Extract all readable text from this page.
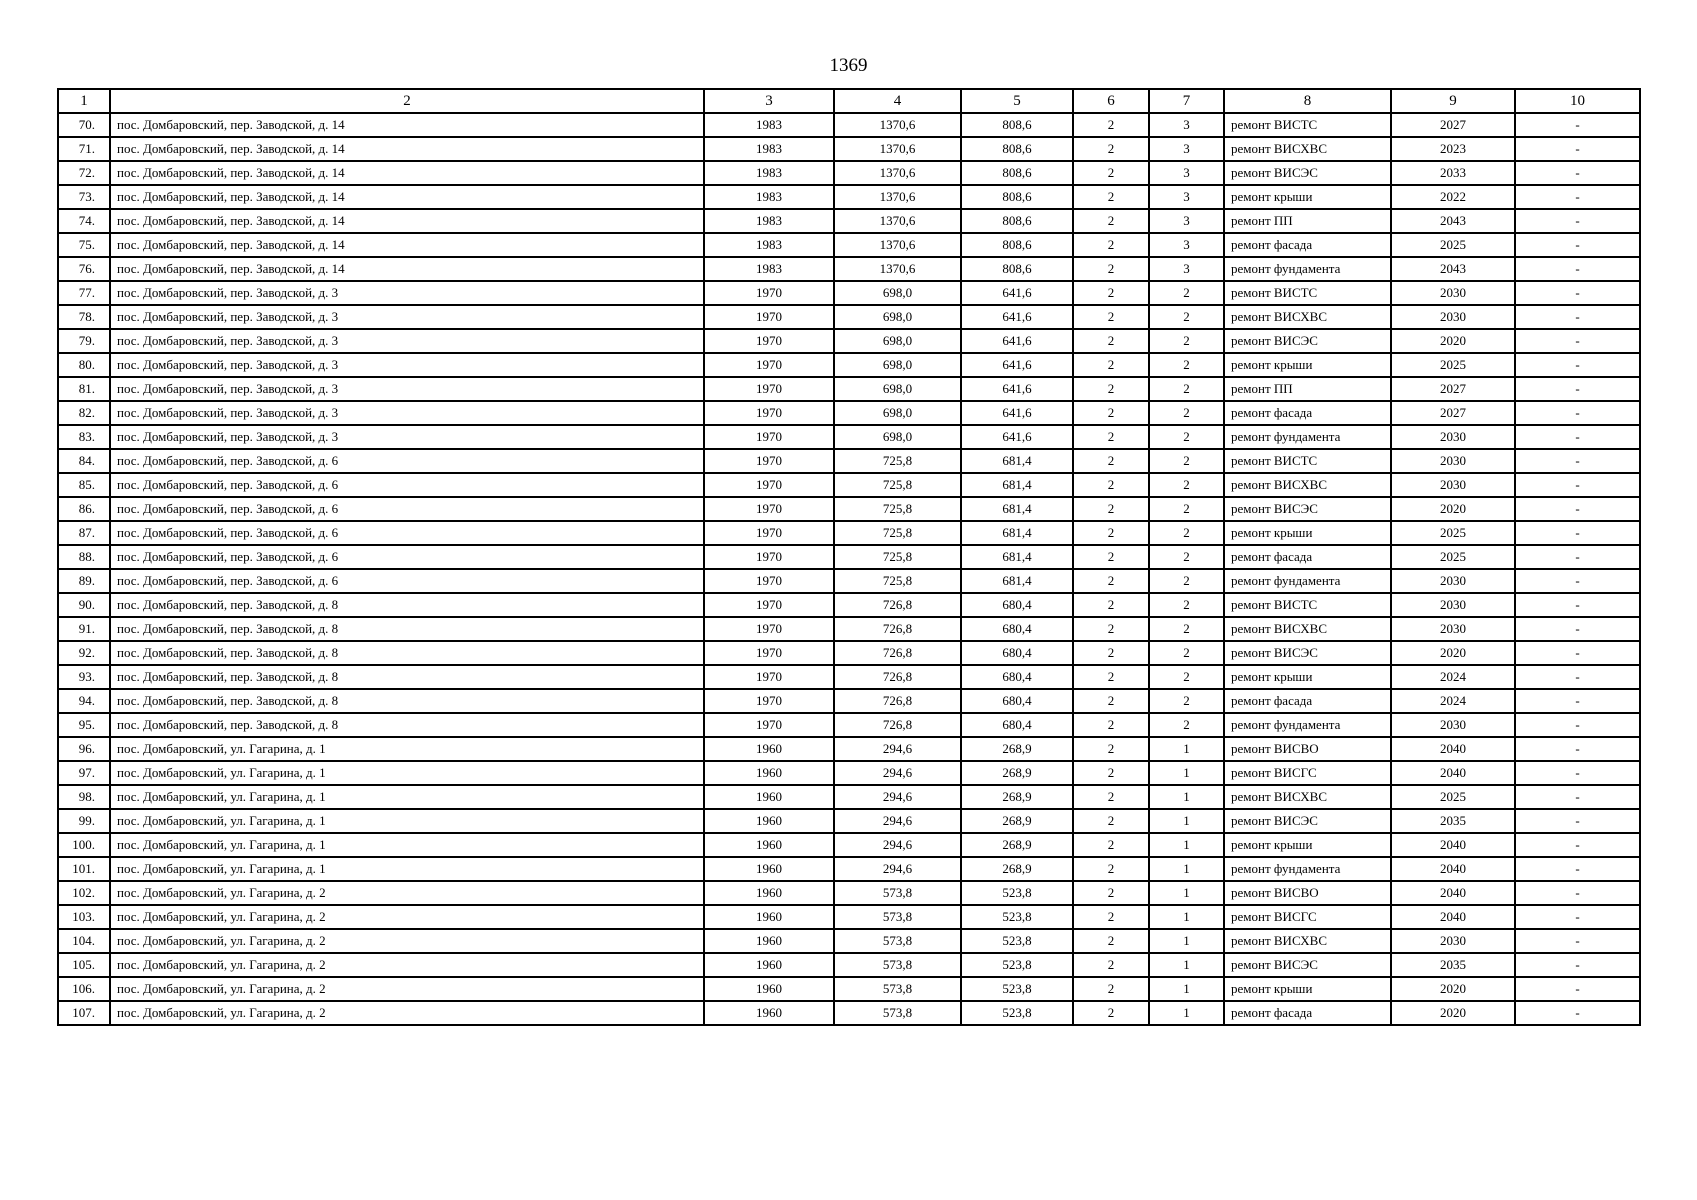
1369
1	2	3	4	5	6	7	8	9	10
70.	пос. Домбаровский, пер. Заводской, д. 14	1983	1370,6	808,6	2	3	ремонт ВИСТС	2027	-
71.	пос. Домбаровский, пер. Заводской, д. 14	1983	1370,6	808,6	2	3	ремонт ВИСХВС	2023	-
72.	пос. Домбаровский, пер. Заводской, д. 14	1983	1370,6	808,6	2	3	ремонт ВИСЭС	2033	-
73.	пос. Домбаровский, пер. Заводской, д. 14	1983	1370,6	808,6	2	3	ремонт крыши	2022	-
74.	пос. Домбаровский, пер. Заводской, д. 14	1983	1370,6	808,6	2	3	ремонт ПП	2043	-
75.	пос. Домбаровский, пер. Заводской, д. 14	1983	1370,6	808,6	2	3	ремонт фасада	2025	-
76.	пос. Домбаровский, пер. Заводской, д. 14	1983	1370,6	808,6	2	3	ремонт фундамента	2043	-
77.	пос. Домбаровский, пер. Заводской, д. 3	1970	698,0	641,6	2	2	ремонт ВИСТС	2030	-
78.	пос. Домбаровский, пер. Заводской, д. 3	1970	698,0	641,6	2	2	ремонт ВИСХВС	2030	-
79.	пос. Домбаровский, пер. Заводской, д. 3	1970	698,0	641,6	2	2	ремонт ВИСЭС	2020	-
80.	пос. Домбаровский, пер. Заводской, д. 3	1970	698,0	641,6	2	2	ремонт крыши	2025	-
81.	пос. Домбаровский, пер. Заводской, д. 3	1970	698,0	641,6	2	2	ремонт ПП	2027	-
82.	пос. Домбаровский, пер. Заводской, д. 3	1970	698,0	641,6	2	2	ремонт фасада	2027	-
83.	пос. Домбаровский, пер. Заводской, д. 3	1970	698,0	641,6	2	2	ремонт фундамента	2030	-
84.	пос. Домбаровский, пер. Заводской, д. 6	1970	725,8	681,4	2	2	ремонт ВИСТС	2030	-
85.	пос. Домбаровский, пер. Заводской, д. 6	1970	725,8	681,4	2	2	ремонт ВИСХВС	2030	-
86.	пос. Домбаровский, пер. Заводской, д. 6	1970	725,8	681,4	2	2	ремонт ВИСЭС	2020	-
87.	пос. Домбаровский, пер. Заводской, д. 6	1970	725,8	681,4	2	2	ремонт крыши	2025	-
88.	пос. Домбаровский, пер. Заводской, д. 6	1970	725,8	681,4	2	2	ремонт фасада	2025	-
89.	пос. Домбаровский, пер. Заводской, д. 6	1970	725,8	681,4	2	2	ремонт фундамента	2030	-
90.	пос. Домбаровский, пер. Заводской, д. 8	1970	726,8	680,4	2	2	ремонт ВИСТС	2030	-
91.	пос. Домбаровский, пер. Заводской, д. 8	1970	726,8	680,4	2	2	ремонт ВИСХВС	2030	-
92.	пос. Домбаровский, пер. Заводской, д. 8	1970	726,8	680,4	2	2	ремонт ВИСЭС	2020	-
93.	пос. Домбаровский, пер. Заводской, д. 8	1970	726,8	680,4	2	2	ремонт крыши	2024	-
94.	пос. Домбаровский, пер. Заводской, д. 8	1970	726,8	680,4	2	2	ремонт фасада	2024	-
95.	пос. Домбаровский, пер. Заводской, д. 8	1970	726,8	680,4	2	2	ремонт фундамента	2030	-
96.	пос. Домбаровский, ул. Гагарина, д. 1	1960	294,6	268,9	2	1	ремонт ВИСВО	2040	-
97.	пос. Домбаровский, ул. Гагарина, д. 1	1960	294,6	268,9	2	1	ремонт ВИСГС	2040	-
98.	пос. Домбаровский, ул. Гагарина, д. 1	1960	294,6	268,9	2	1	ремонт ВИСХВС	2025	-
99.	пос. Домбаровский, ул. Гагарина, д. 1	1960	294,6	268,9	2	1	ремонт ВИСЭС	2035	-
100.	пос. Домбаровский, ул. Гагарина, д. 1	1960	294,6	268,9	2	1	ремонт крыши	2040	-
101.	пос. Домбаровский, ул. Гагарина, д. 1	1960	294,6	268,9	2	1	ремонт фундамента	2040	-
102.	пос. Домбаровский, ул. Гагарина, д. 2	1960	573,8	523,8	2	1	ремонт ВИСВО	2040	-
103.	пос. Домбаровский, ул. Гагарина, д. 2	1960	573,8	523,8	2	1	ремонт ВИСГС	2040	-
104.	пос. Домбаровский, ул. Гагарина, д. 2	1960	573,8	523,8	2	1	ремонт ВИСХВС	2030	-
105.	пос. Домбаровский, ул. Гагарина, д. 2	1960	573,8	523,8	2	1	ремонт ВИСЭС	2035	-
106.	пос. Домбаровский, ул. Гагарина, д. 2	1960	573,8	523,8	2	1	ремонт крыши	2020	-
107.	пос. Домбаровский, ул. Гагарина, д. 2	1960	573,8	523,8	2	1	ремонт фасада	2020	-
